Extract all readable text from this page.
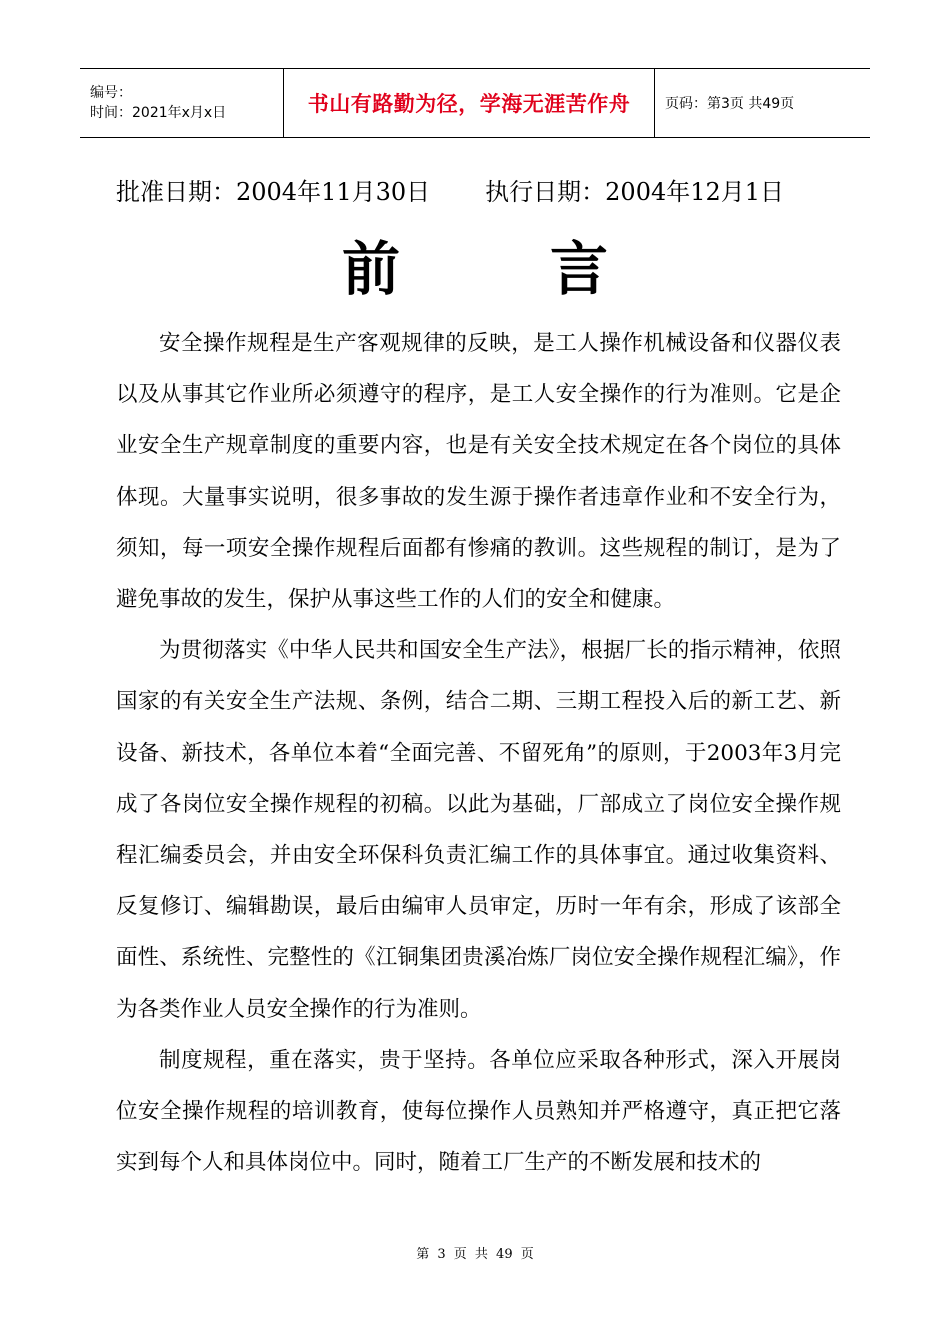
编号：
时间：2021年x月x日	书山有路勤为径，学海无涯苦作舟 页码：第3页 共49页
批准日期：2004年11月30日 执行日期：2004年12月1日
前言

安全操作规程是生产客观规律的反映，是工人操作机械设备和仪器仪表以及从事其它作业所必须遵守的程序，是工人安全操作的行为准则。它是企业安全生产规章制度的重要内容，也是有关安全技术规定在各个岗位的具体体现。大量事实说明，很多事故的发生源于操作者违章作业和不安全行为，须知，每一项安全操作规程后面都有惨痛的教训。这些规程的制订，是为了避免事故的发生，保护从事这些工作的人们的安全和健康。

为贯彻落实《中华人民共和国安全生产法》，根据厂长的指示精神，依照国家的有关安全生产法规、条例，结合二期、三期工程投入后的新工艺、新设备、新技术，各单位本着“全面完善、不留死角”的原则，于2003年3月完成了各岗位安全操作规程的初稿。以此为基础，厂部成立了岗位安全操作规程汇编委员会，并由安全环保科负责汇编工作的具体事宜。通过收集资料、反复修订、编辑勘误，最后由编审人员审定，历时一年有余，形成了该部全面性、系统性、完整性的《江铜集团贵溪冶炼厂岗位安全操作规程汇编》，作为各类作业人员安全操作的行为准则。

制度规程，重在落实，贵于坚持。各单位应采取各种形式，深入开展岗位安全操作规程的培训教育，使每位操作人员熟知并严格遵守，真正把它落实到每个人和具体岗位中。同时，随着工厂生产的不断发展和技术的

第 3 页 共 49 页
